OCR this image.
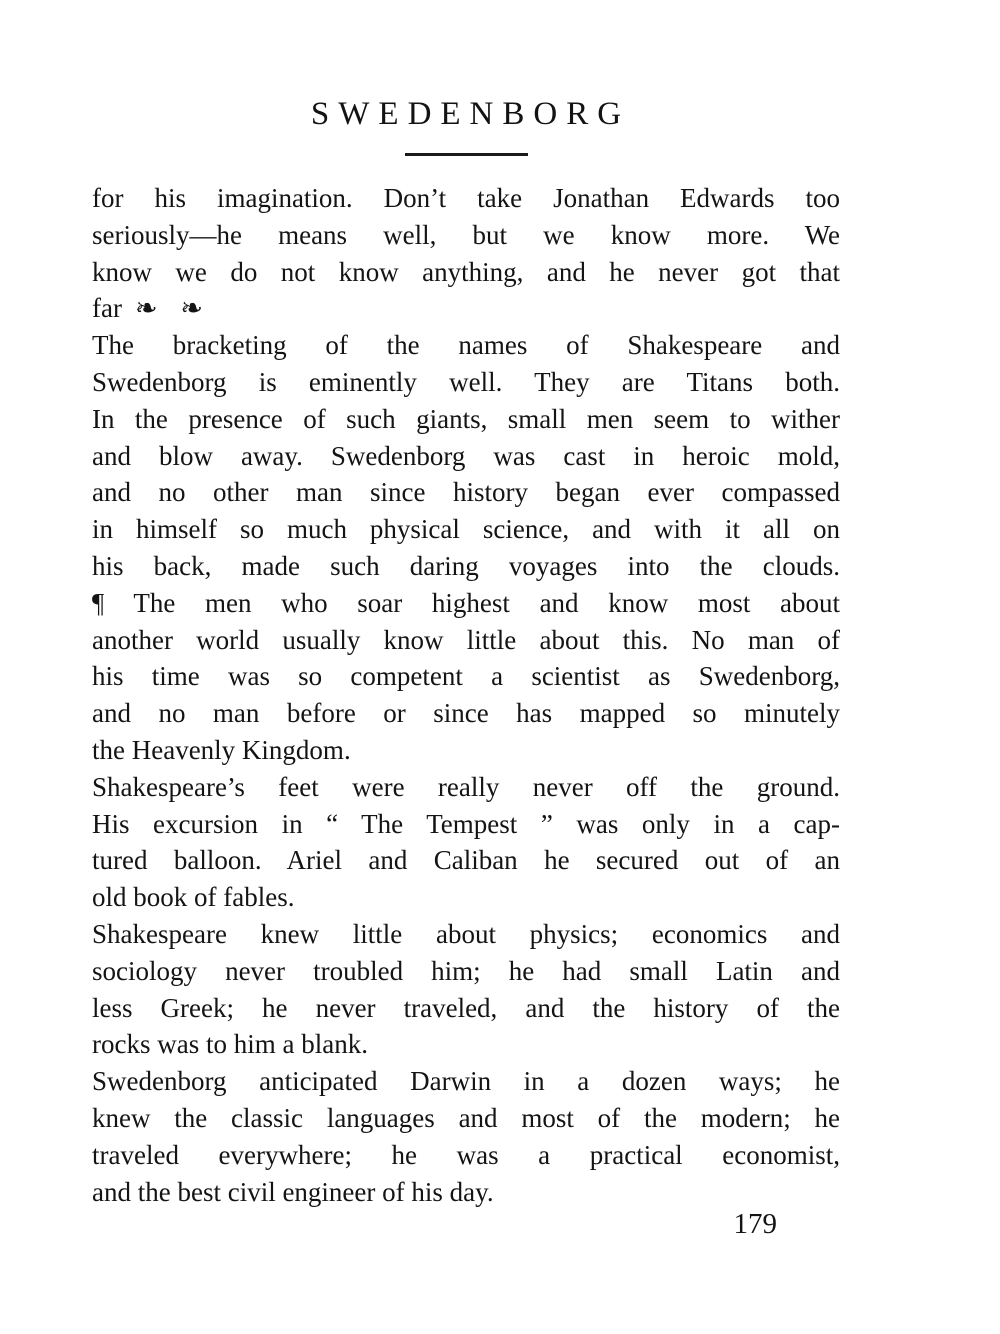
SWEDENBORG
for his imagination. Don’t take Jonathan Edwards too
seriously—he means well, but we know more. We
know we do not know anything, and he never got that
far ❧ ❧
The bracketing of the names of Shakespeare and
Swedenborg is eminently well. They are Titans both.
In the presence of such giants, small men seem to wither
and blow away. Swedenborg was cast in heroic mold,
and no other man since history began ever compassed
in himself so much physical science, and with it all on
his back, made such daring voyages into the clouds.
¶ The men who soar highest and know most about
another world usually know little about this. No man of
his time was so competent a scientist as Swedenborg,
and no man before or since has mapped so minutely
the Heavenly Kingdom.
Shakespeare’s feet were really never off the ground.
His excursion in “ The Tempest ” was only in a cap-
tured balloon. Ariel and Caliban he secured out of an
old book of fables.
Shakespeare knew little about physics; economics and
sociology never troubled him; he had small Latin and
less Greek; he never traveled, and the history of the
rocks was to him a blank.
Swedenborg anticipated Darwin in a dozen ways; he
knew the classic languages and most of the modern; he
traveled everywhere; he was a practical economist,
and the best civil engineer of his day.
179
